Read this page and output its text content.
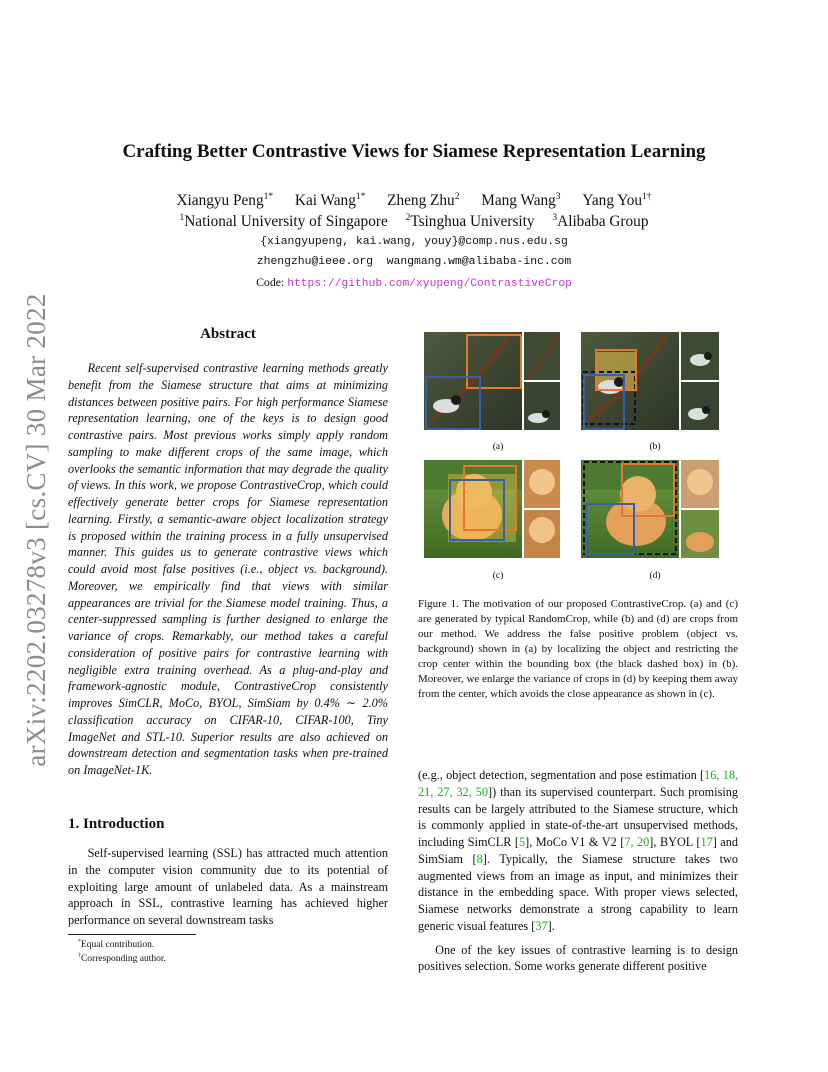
arXiv:2202.03278v3 [cs.CV] 30 Mar 2022
Crafting Better Contrastive Views for Siamese Representation Learning
Xiangyu Peng$^{1*}$ Kai Wang$^{1*}$ Zheng Zhu$^2$ Mang Wang$^3$ Yang You$^{1\dagger}$
$^1$National University of Singapore $^2$Tsinghua University $^3$Alibaba Group
{xiangyupeng, kai.wang, youy}@comp.nus.edu.sg
zhengzhu@ieee.org  wangmang.wm@alibaba-inc.com
Code: https://github.com/xyupeng/ContrastiveCrop
Abstract

Recent self-supervised contrastive learning methods greatly benefit from the Siamese structure that aims at minimizing distances between positive pairs. For high performance Siamese representation learning, one of the keys is to design good contrastive pairs. Most previous works simply apply random sampling to make different crops of the same image, which overlooks the semantic information that may degrade the quality of views. In this work, we propose ContrastiveCrop, which could effectively generate better crops for Siamese representation learning. Firstly, a semantic-aware object localization strategy is proposed within the training process in a fully unsupervised manner. This guides us to generate contrastive views which could avoid most false positives (i.e., object vs. background). Moreover, we empirically find that views with similar appearances are trivial for the Siamese model training. Thus, a center-suppressed sampling is further designed to enlarge the variance of crops. Remarkably, our method takes a careful consideration of positive pairs for contrastive learning with negligible extra training overhead. As a plug-and-play and framework-agnostic module, ContrastiveCrop consistently improves SimCLR, MoCo, BYOL, SimSiam by 0.4% ∼ 2.0% classification accuracy on CIFAR-10, CIFAR-100, Tiny ImageNet and STL-10. Superior results are also achieved on downstream detection and segmentation tasks when pre-trained on ImageNet-1K.

1. Introduction

Self-supervised learning (SSL) has attracted much attention in the computer vision community due to its potential of exploiting large amount of unlabeled data. As a mainstream approach in SSL, contrastive learning has achieved higher performance on several downstream tasks

*Equal contribution.
†Corresponding author.
(a)	(b)
(c)	(d)
Figure 1. The motivation of our proposed ContrastiveCrop. (a) and (c) are generated by typical RandomCrop, while (b) and (d) are crops from our method. We address the false positive problem (object vs. background) shown in (a) by localizing the object and restricting the crop center within the bounding box (the black dashed box) in (b). Moreover, we enlarge the variance of crops in (d) by keeping them away from the center, which avoids the close appearance as shown in (c).

(e.g., object detection, segmentation and pose estimation [16, 18, 21, 27, 32, 50]) than its supervised counterpart. Such promising results can be largely attributed to the Siamese structure, which is commonly applied in state-of-the-art unsupervised methods, including SimCLR [5], MoCo V1 & V2 [7, 20], BYOL [17] and SimSiam [8]. Typically, the Siamese structure takes two augmented views from an image as input, and minimizes their distance in the embedding space. With proper views selected, Siamese networks demonstrate a strong capability to learn generic visual features [37].

One of the key issues of contrastive learning is to design positives selection. Some works generate different positive
